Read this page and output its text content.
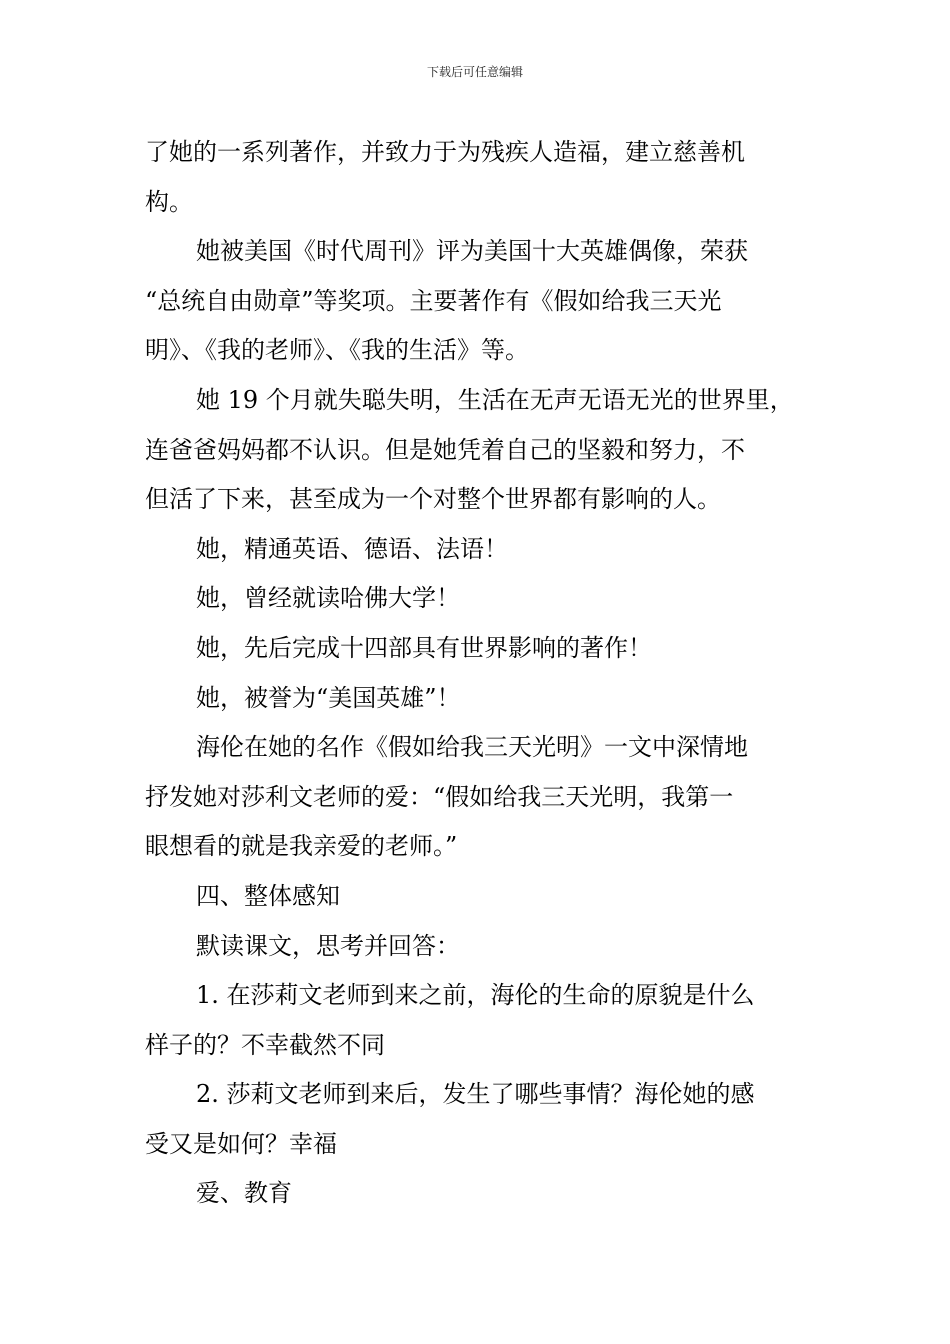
下载后可任意编辑
了她的一系列著作，并致力于为残疾人造福，建立慈善机
构。
她被美国《时代周刊》评为美国十大英雄偶像，荣获
“总统自由勋章”等奖项。主要著作有《假如给我三天光
明》、《我的老师》、《我的生活》等。
她 19 个月就失聪失明，生活在无声无语无光的世界里，
连爸爸妈妈都不认识。但是她凭着自己的坚毅和努力，不
但活了下来，甚至成为一个对整个世界都有影响的人。
她，精通英语、德语、法语！
她，曾经就读哈佛大学！
她，先后完成十四部具有世界影响的著作！
她，被誉为“美国英雄”！
海伦在她的名作《假如给我三天光明》一文中深情地
抒发她对莎利文老师的爱：“假如给我三天光明，我第一
眼想看的就是我亲爱的老师。”
四、整体感知
默读课文，思考并回答：
1. 在莎莉文老师到来之前，海伦的生命的原貌是什么
样子的？不幸截然不同
2. 莎莉文老师到来后，发生了哪些事情？海伦她的感
受又是如何？幸福
爱、教育
